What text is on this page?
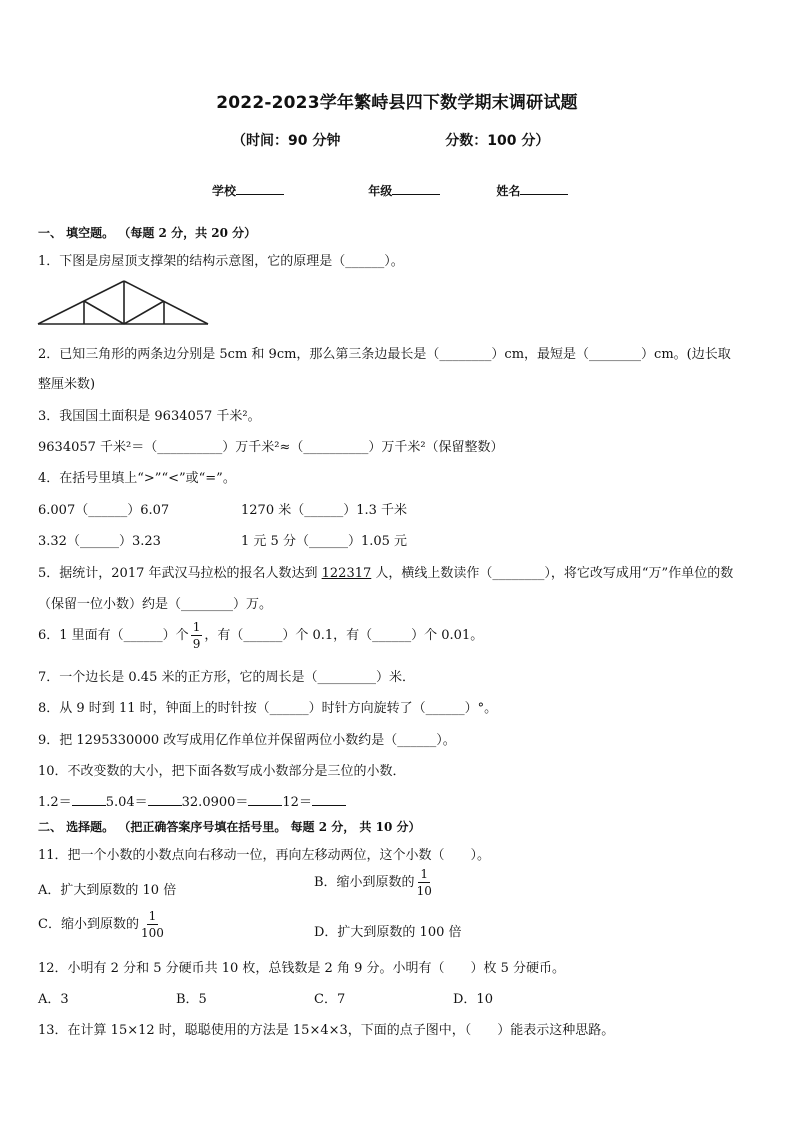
2022-2023学年繁峙县四下数学期末调研试题
（时间：90 分钟	分数：100 分）
学校	年级	姓名
一、 填空题。 （每题 2 分，共 20 分）
1．下图是房屋顶支撑架的结构示意图，它的原理是（______）。
2．已知三角形的两条边分别是 5cm 和 9cm，那么第三条边最长是（________）cm，最短是（________）cm。(边长取
整厘米数)
3．我国国土面积是 9634057 千米²。
9634057 千米²＝（__________）万千米²≈（__________）万千米²（保留整数）
4．在括号里填上“>”“<”或“=”。
6.007（______）6.07	1270 米（______）1.3 千米
3.32（______）3.23	1 元 5 分（______）1.05 元
5．据统计，2017 年武汉马拉松的报名人数达到 122317 人，横线上数读作（________），将它改写成用“万”作单位的数
（保留一位小数）约是（________）万。
6．1 里面有（______）个 $\frac{1}{9}$ ，有（______）个 0.1，有（______）个 0.01。
7．一个边长是 0.45 米的正方形，它的周长是（_________）米．
8．从 9 时到 11 时，钟面上的时针按（______）时针方向旋转了（______）°。
9．把 1295330000 改写成用亿作单位并保留两位小数约是（______）。
10．不改变数的大小，把下面各数写成小数部分是三位的小数．
1.2＝	5.04＝	32.0900＝	12＝
二、 选择题。 （把正确答案序号填在括号里。 每题 2 分， 共 10 分）
11．把一个小数的小数点向右移动一位，再向左移动两位，这个小数（　　）。
A．扩大到原数的 10 倍
B．缩小到原数的 $\frac{1}{10}$
C．缩小到原数的 $\frac{1}{100}$	D．扩大到原数的 100 倍
12．小明有 2 分和 5 分硬币共 10 枚，总钱数是 2 角 9 分。小明有（　　）枚 5 分硬币。
A．3	B．5	C．7	D．10
13．在计算 15×12 时，聪聪使用的方法是 15×4×3，下面的点子图中，（　　）能表示这种思路。
